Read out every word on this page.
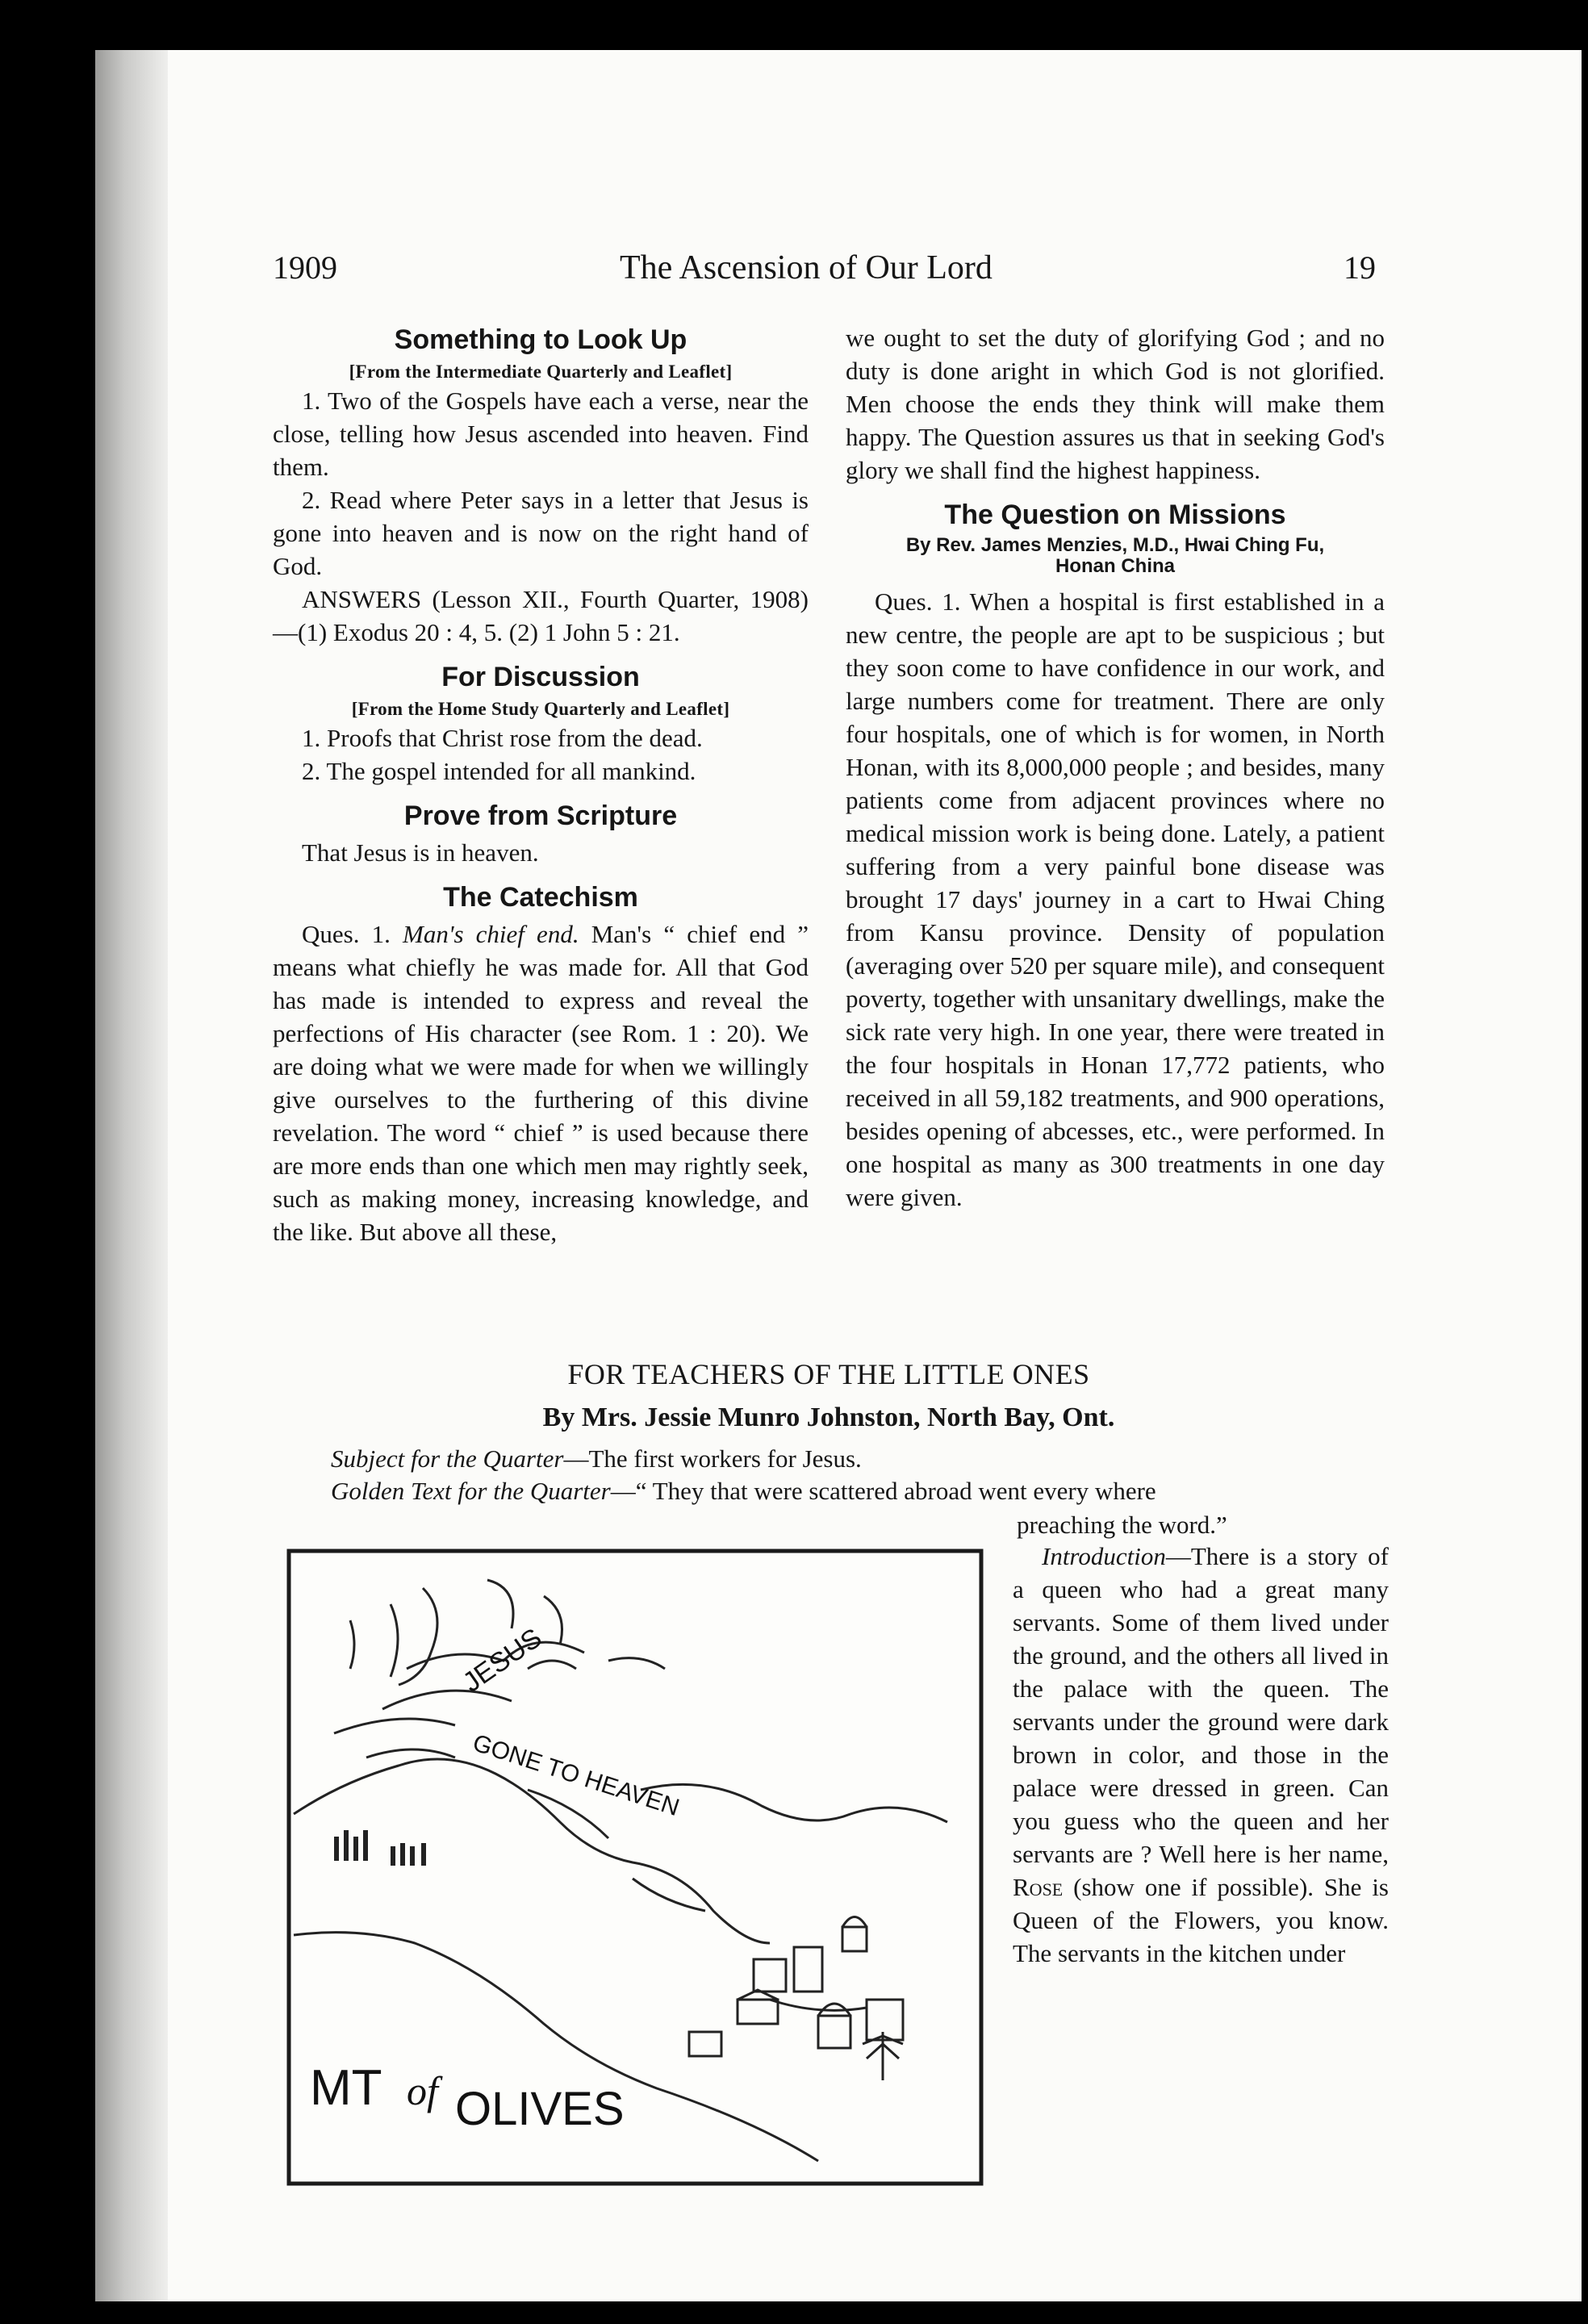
1909	The Ascension of Our Lord	19
Something to Look Up
[From the Intermediate Quarterly and Leaflet]

1. Two of the Gospels have each a verse, near the close, telling how Jesus ascended into heaven. Find them.

2. Read where Peter says in a letter that Jesus is gone into heaven and is now on the right hand of God.

ANSWERS (Lesson XII., Fourth Quarter, 1908)—(1) Exodus 20 : 4, 5. (2) 1 John 5 : 21.

For Discussion
[From the Home Study Quarterly and Leaflet]

1. Proofs that Christ rose from the dead.

2. The gospel intended for all mankind.

Prove from Scripture

That Jesus is in heaven.

The Catechism

Ques. 1. Man's chief end. Man's “ chief end ” means what chiefly he was made for. All that God has made is intended to express and reveal the perfections of His character (see Rom. 1 : 20). We are doing what we were made for when we willingly give ourselves to the furthering of this divine revelation. The word “ chief ” is used because there are more ends than one which men may rightly seek, such as making money, increasing knowledge, and the like. But above all these,

we ought to set the duty of glorifying God ; and no duty is done aright in which God is not glorified. Men choose the ends they think will make them happy. The Question assures us that in seeking God's glory we shall find the highest happiness.

The Question on Missions
By Rev. James Menzies, M.D., Hwai Ching Fu,
Honan China

Ques. 1. When a hospital is first established in a new centre, the people are apt to be suspicious ; but they soon come to have confidence in our work, and large numbers come for treatment. There are only four hospitals, one of which is for women, in North Honan, with its 8,000,000 people ; and besides, many patients come from adjacent provinces where no medical mission work is being done. Lately, a patient suffering from a very painful bone disease was brought 17 days' journey in a cart to Hwai Ching from Kansu province. Density of population (averaging over 520 per square mile), and consequent poverty, together with unsanitary dwellings, make the sick rate very high. In one year, there were treated in the four hospitals in Honan 17,772 patients, who received in all 59,182 treatments, and 900 operations, besides opening of abcesses, etc., were performed. In one hospital as many as 300 treatments in one day were given.

FOR TEACHERS OF THE LITTLE ONES
By Mrs. Jessie Munro Johnston, North Bay, Ont.
Subject for the Quarter—The first workers for Jesus.
Golden Text for the Quarter—“ They that were scattered abroad went every where
preaching the word.”

Introduction—There is a story of a queen who had a great many servants. Some of them lived under the ground, and the others all lived in the palace with the queen. The servants under the ground were dark brown in color, and those in the palace were dressed in green. Can you guess who the queen and her servants are ? Well here is her name, Rose (show one if possible). She is Queen of the Flowers, you know. The servants in the kitchen under

JESUS
GONE TO HEAVEN
MT of OLIVES
